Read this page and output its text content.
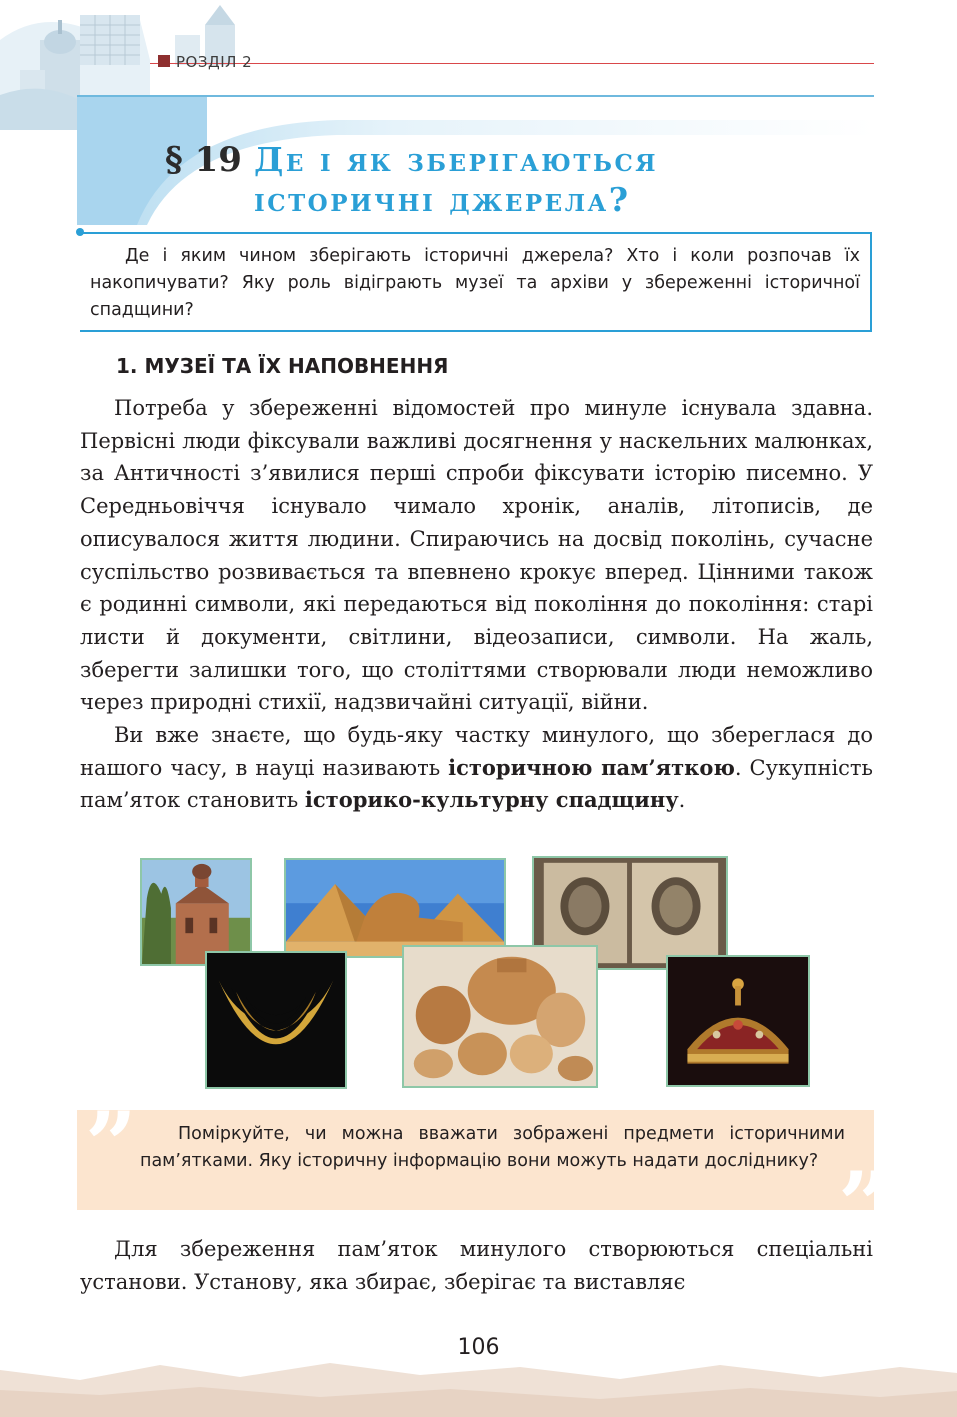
РОЗДІЛ 2
§ 19 Де і як зберігаються
історичні джерела?
Де і яким чином зберігають історичні джерела? Хто і коли розпочав їх накопичувати? Яку роль відіграють музеї та архіви у збереженні історичної спадщини?
1. МУЗЕЇ ТА ЇХ НАПОВНЕННЯ

Потреба у збереженні відомостей про минуле існувала здавна. Первісні люди фіксували важливі досягнення у наскельних малюнках, за Античності з’явилися перші спроби фіксувати історію писемно. У Середньовіччя існувало чимало хронік, аналів, літописів, де описувалося життя людини. Спираючись на досвід поколінь, сучасне суспільство розвивається та впевнено крокує вперед. Цінними також є родинні символи, які передаються від покоління до покоління: старі листи й документи, світлини, відеозаписи, символи. На жаль, зберегти залишки того, що століттями створювали люди неможливо через природні стихії, надзвичайні ситуації, війни.

Ви вже знаєте, що будь-яку частку минулого, що збереглася до нашого часу, в науці називають історичною пам’яткою. Сукупність пам’яток становить історико-культурну спадщину.

”
”
Поміркуйте, чи можна вважати зображені предмети історичними пам’ятками. Яку історичну інформацію вони можуть надати досліднику?

Для збереження пам’яток минулого створюються спеціальні установи. Установу, яка збирає, зберігає та виставляє

106
